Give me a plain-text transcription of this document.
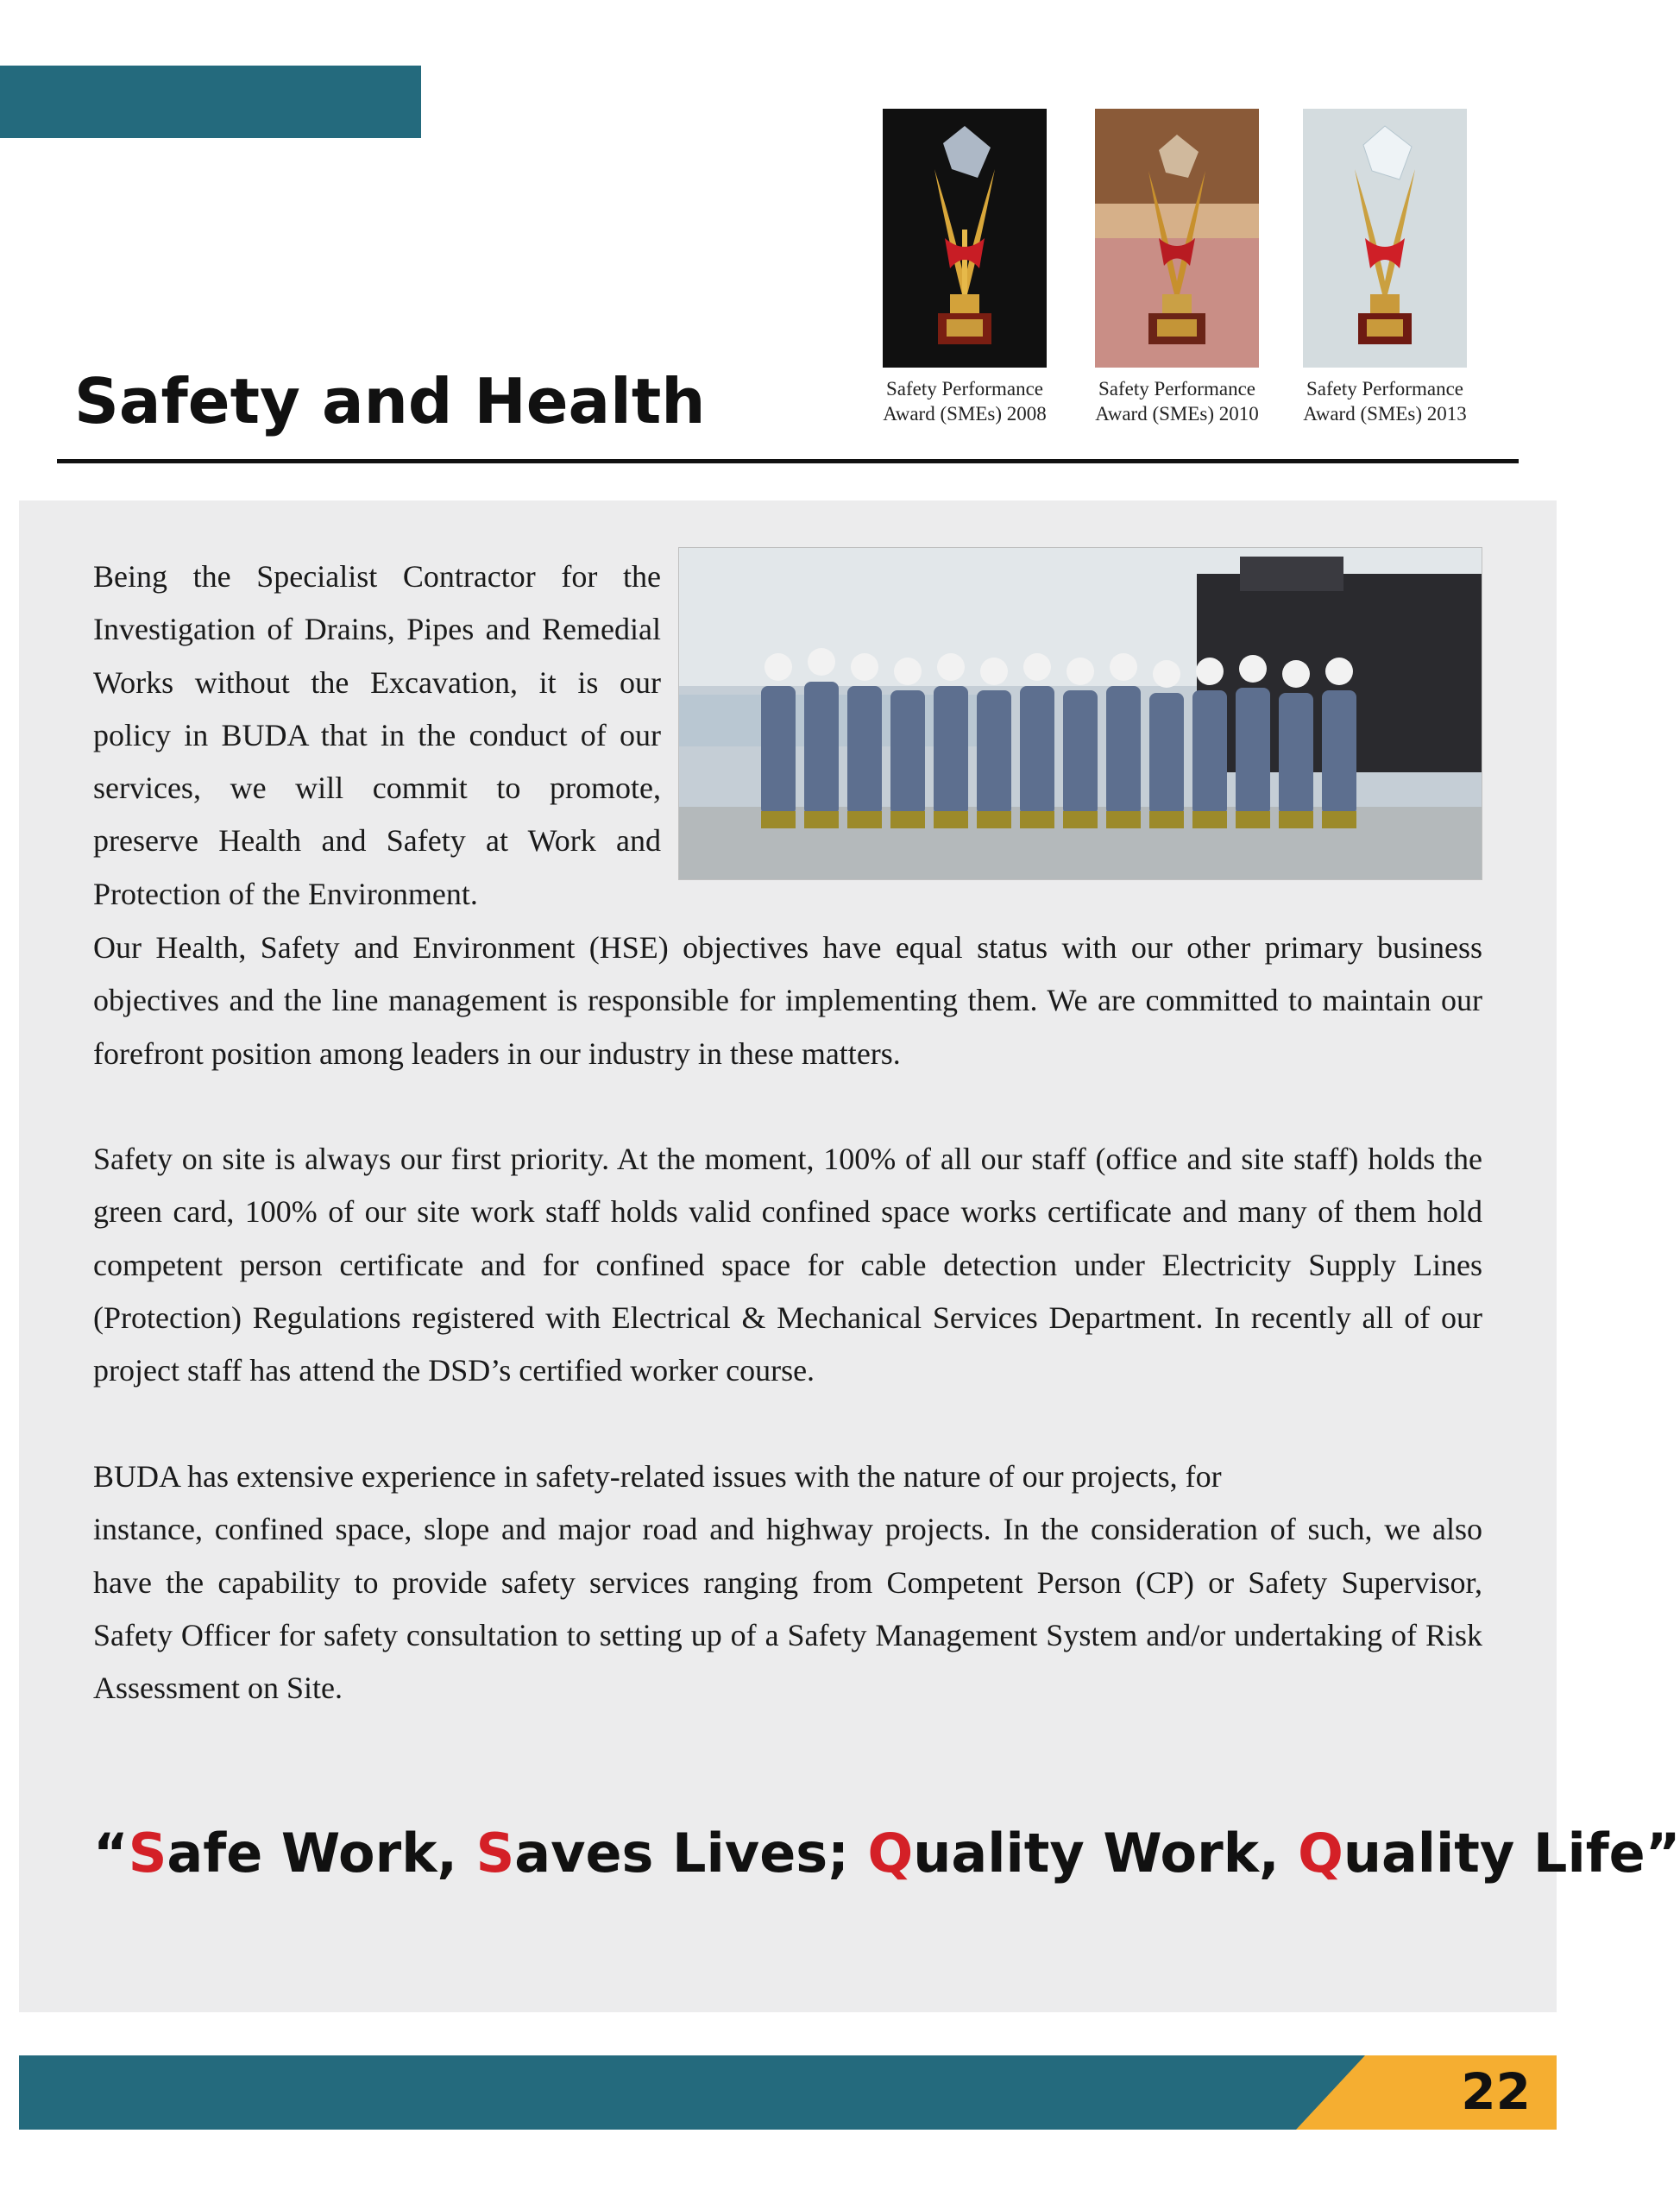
Safety and Health	Safety Performance
Award (SMEs) 2008
Safety Performance
Award (SMEs) 2010
Safety Performance
Award (SMEs) 2013

Being the Specialist Contractor for the Investigation of Drains, Pipes and Remedial Works without the Excavation, it is our policy in BUDA that in the conduct of our services, we will commit to promote, preserve Health and Safety at Work and Protection of the Environment.

Our Health, Safety and Environment (HSE) objectives have equal status with our other primary business objectives and the line management is responsible for implementing them. We are committed to maintain our forefront position among leaders in our industry in these matters.

Safety on site is always our first priority. At the moment, 100% of all our staff (office and site staff) holds the green card, 100% of our site work staff holds valid confined space works certificate and many of them hold competent person certificate and for confined space for cable detection under Electricity Supply Lines (Protection) Regulations registered with Electrical & Mechanical Services Department. In recently all of our project staff has attend the DSD’s certified worker course.

BUDA has extensive experience in safety-related issues with the nature of our projects, for
instance, confined space, slope and major road and highway projects. In the consideration of such, we also have the capability to provide safety services ranging from Competent Person (CP) or Safety Supervisor, Safety Officer for safety consultation to setting up of a Safety Management System and/or undertaking of Risk Assessment on Site.

“Safe Work, Saves Lives; Quality Work, Quality Life”

22
